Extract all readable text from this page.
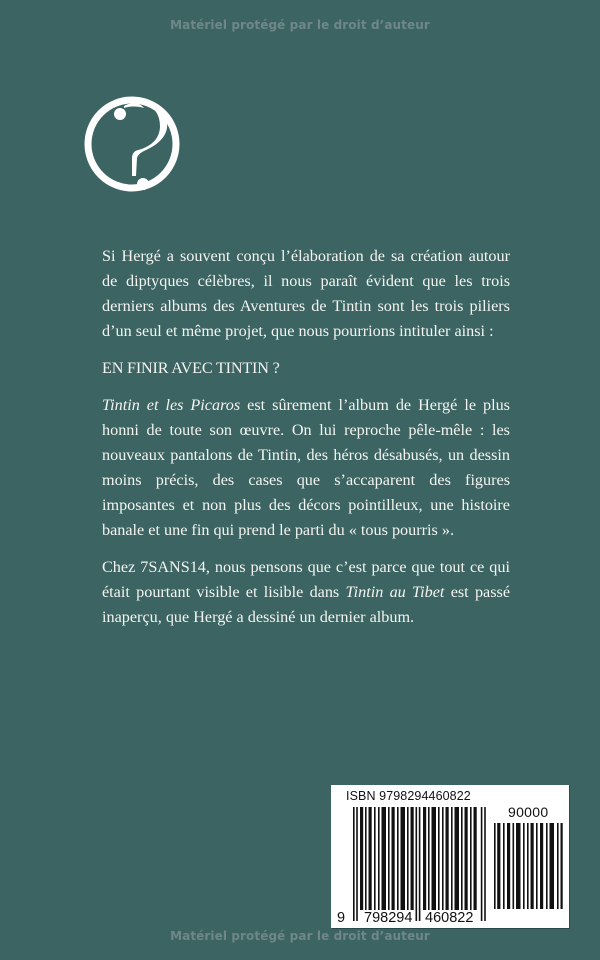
Matériel protégé par le droit d’auteur

Si Hergé a souvent conçu l’élaboration de sa création autour de diptyques célèbres, il nous paraît évident que les trois derniers albums des Aventures de Tintin sont les trois piliers d’un seul et même projet, que nous pourrions intituler ainsi :

EN FINIR AVEC TINTIN ?

Tintin et les Picaros est sûrement l’album de Hergé le plus honni de toute son œuvre. On lui reproche pêle-mêle : les nouveaux pantalons de Tintin, des héros désabusés, un dessin moins précis, des cases que s’accaparent des figures imposantes et non plus des décors pointilleux, une histoire banale et une fin qui prend le parti du « tous pourris ».

Chez 7SANS14, nous pensons que c’est parce que tout ce qui était pourtant visible et lisible dans Tintin au Tibet est passé inaperçu, que Hergé a dessiné un dernier album.

ISBN 9798294460822
90000
9 798294 460822
Matériel protégé par le droit d’auteur
